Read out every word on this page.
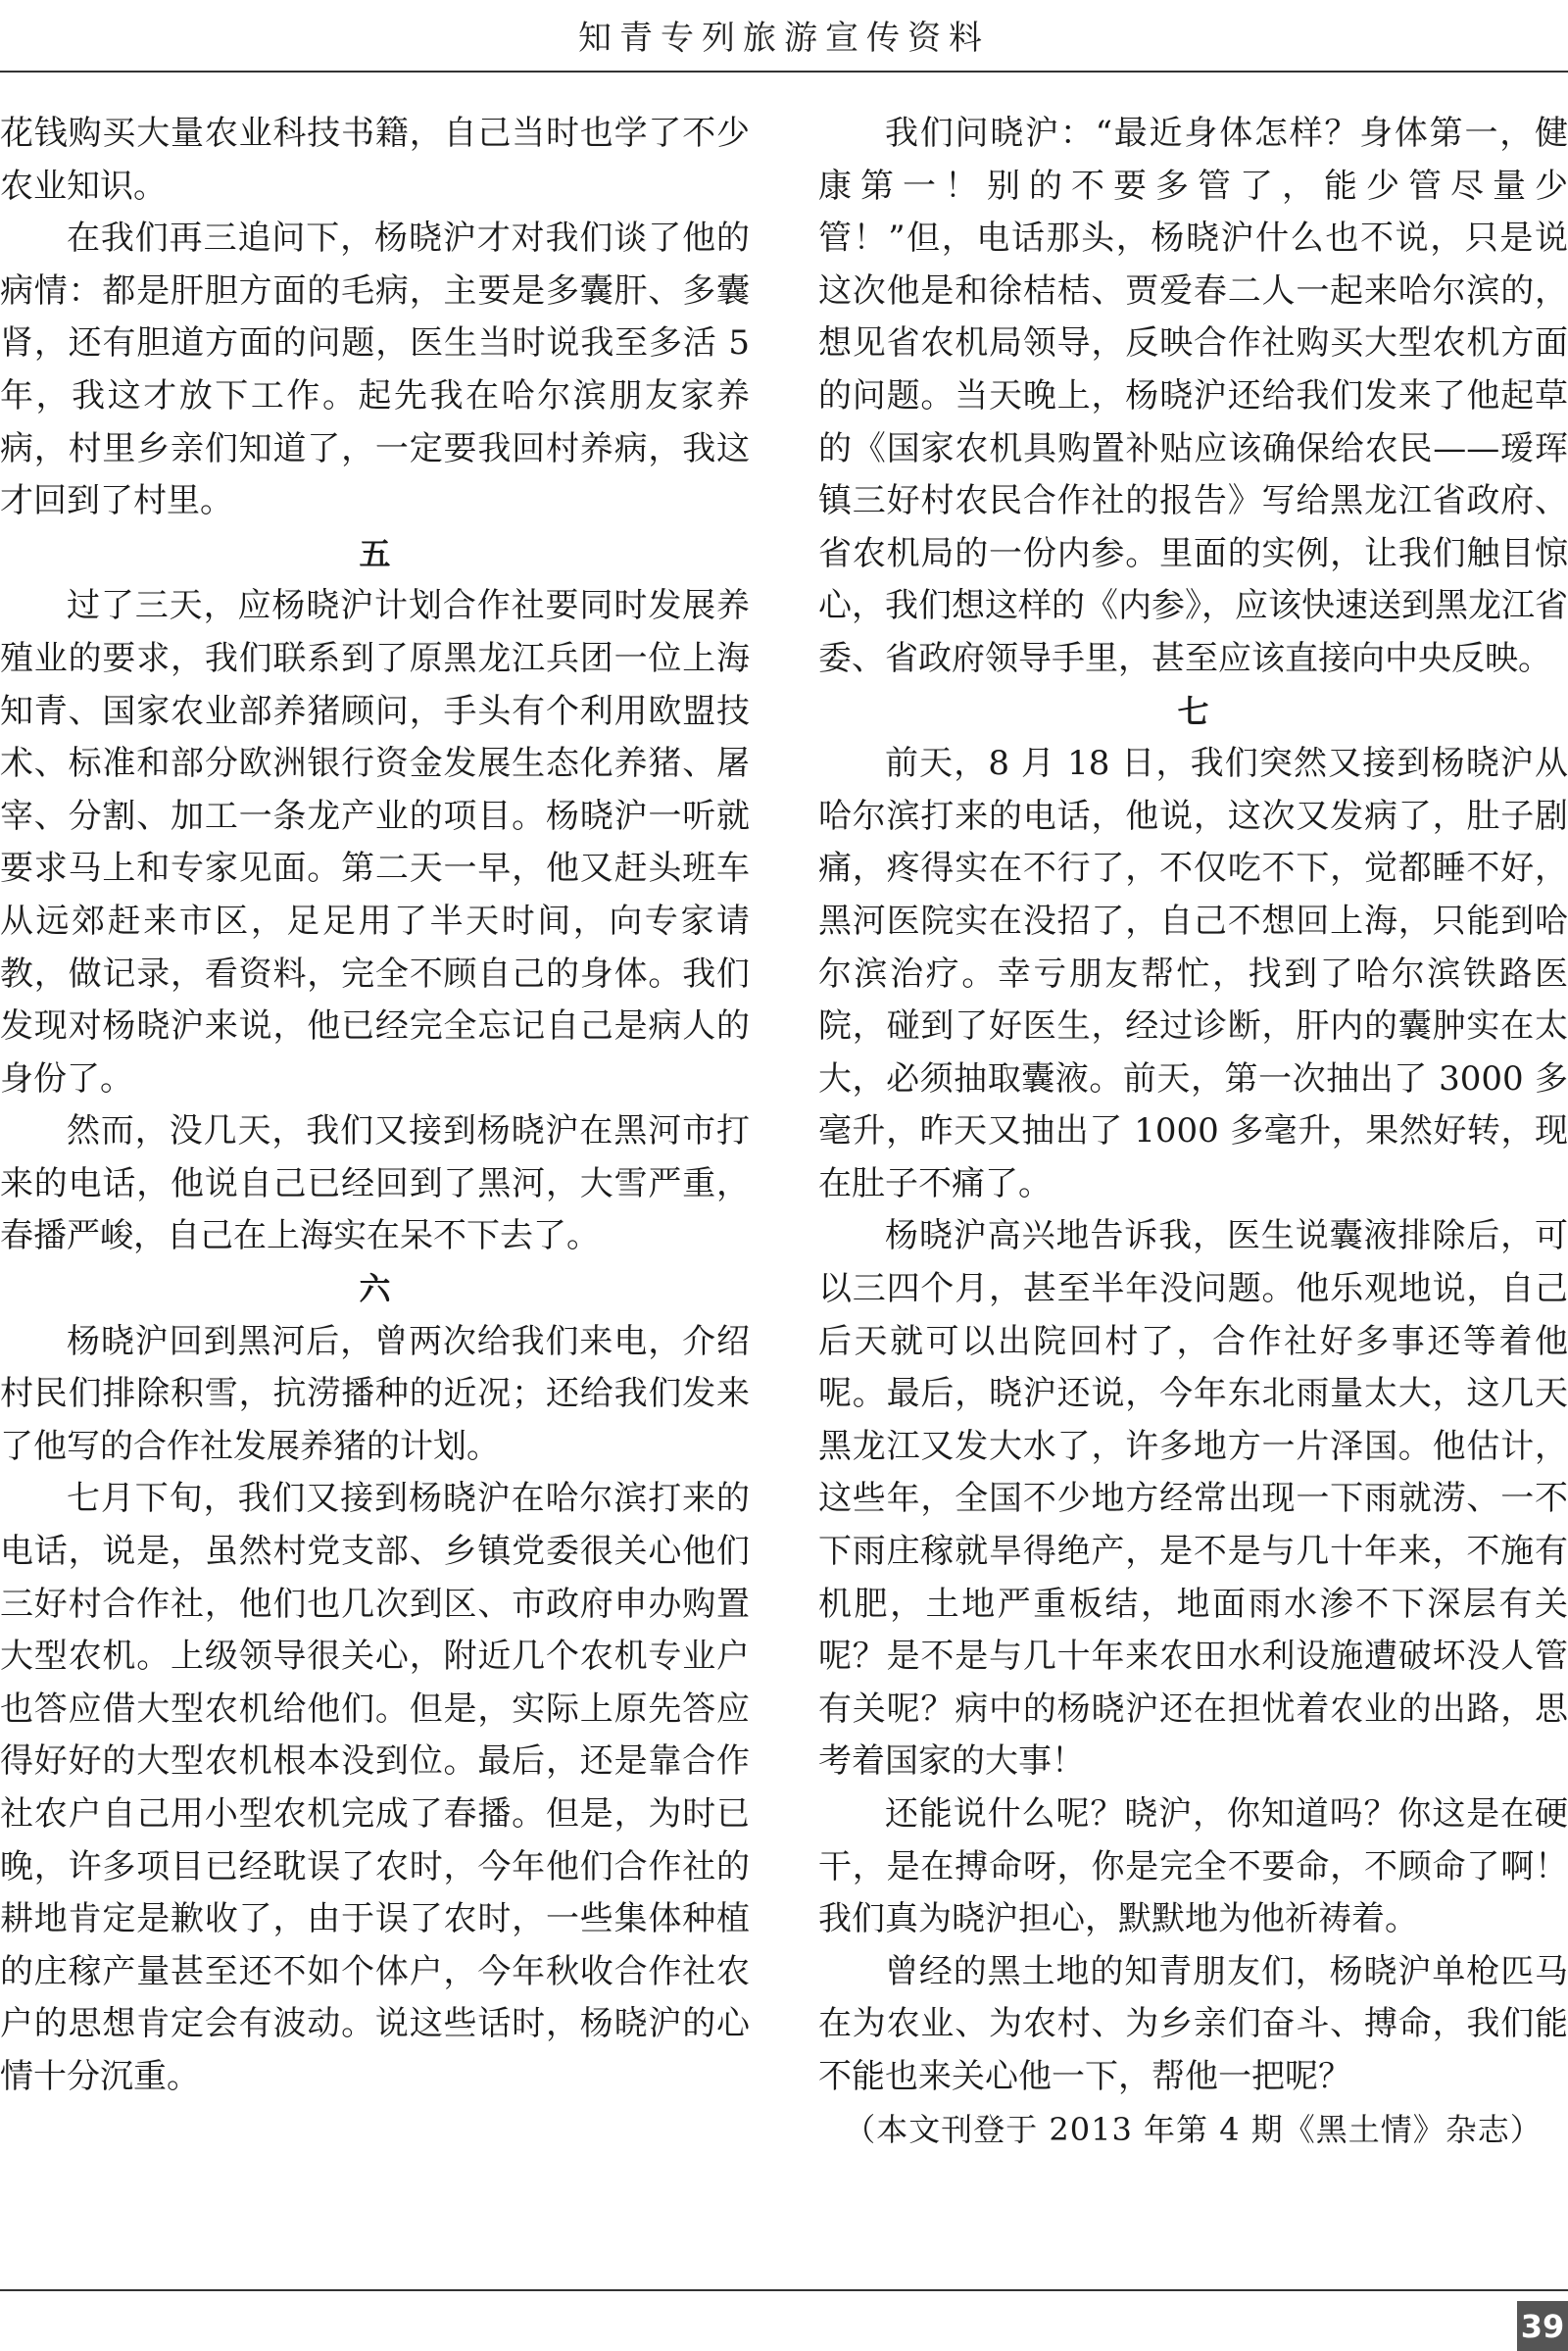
知青专列旅游宣传资料

花钱购买大量农业科技书籍，自己当时也学了不少农业知识。

在我们再三追问下，杨晓沪才对我们谈了他的病情：都是肝胆方面的毛病，主要是多囊肝、多囊肾，还有胆道方面的问题，医生当时说我至多活 5 年，我这才放下工作。起先我在哈尔滨朋友家养病，村里乡亲们知道了，一定要我回村养病，我这才回到了村里。

五

过了三天，应杨晓沪计划合作社要同时发展养殖业的要求，我们联系到了原黑龙江兵团一位上海知青、国家农业部养猪顾问，手头有个利用欧盟技术、标准和部分欧洲银行资金发展生态化养猪、屠宰、分割、加工一条龙产业的项目。杨晓沪一听就要求马上和专家见面。第二天一早，他又赶头班车从远郊赶来市区，足足用了半天时间，向专家请教，做记录，看资料，完全不顾自己的身体。我们发现对杨晓沪来说，他已经完全忘记自己是病人的身份了。

然而，没几天，我们又接到杨晓沪在黑河市打来的电话，他说自己已经回到了黑河，大雪严重，春播严峻，自己在上海实在呆不下去了。

六

杨晓沪回到黑河后，曾两次给我们来电，介绍村民们排除积雪，抗涝播种的近况；还给我们发来了他写的合作社发展养猪的计划。

七月下旬，我们又接到杨晓沪在哈尔滨打来的电话，说是，虽然村党支部、乡镇党委很关心他们三好村合作社，他们也几次到区、市政府申办购置大型农机。上级领导很关心，附近几个农机专业户也答应借大型农机给他们。但是，实际上原先答应得好好的大型农机根本没到位。最后，还是靠合作社农户自己用小型农机完成了春播。但是，为时已晚，许多项目已经耽误了农时，今年他们合作社的耕地肯定是歉收了，由于误了农时，一些集体种植的庄稼产量甚至还不如个体户，今年秋收合作社农户的思想肯定会有波动。说这些话时，杨晓沪的心情十分沉重。

我们问晓沪：“最近身体怎样？身体第一，健康第一！别的不要多管了，能少管尽量少管！”但，电话那头，杨晓沪什么也不说，只是说这次他是和徐桔桔、贾爱春二人一起来哈尔滨的，想见省农机局领导，反映合作社购买大型农机方面的问题。当天晚上，杨晓沪还给我们发来了他起草的《国家农机具购置补贴应该确保给农民——瑷珲镇三好村农民合作社的报告》写给黑龙江省政府、省农机局的一份内参。里面的实例，让我们触目惊心，我们想这样的《内参》，应该快速送到黑龙江省委、省政府领导手里，甚至应该直接向中央反映。

七

前天，8 月 18 日，我们突然又接到杨晓沪从哈尔滨打来的电话，他说，这次又发病了，肚子剧痛，疼得实在不行了，不仅吃不下，觉都睡不好，黑河医院实在没招了，自己不想回上海，只能到哈尔滨治疗。幸亏朋友帮忙，找到了哈尔滨铁路医院，碰到了好医生，经过诊断，肝内的囊肿实在太大，必须抽取囊液。前天，第一次抽出了 3000 多毫升，昨天又抽出了 1000 多毫升，果然好转，现在肚子不痛了。

杨晓沪高兴地告诉我，医生说囊液排除后，可以三四个月，甚至半年没问题。他乐观地说，自己后天就可以出院回村了，合作社好多事还等着他呢。最后，晓沪还说，今年东北雨量太大，这几天黑龙江又发大水了，许多地方一片泽国。他估计，这些年，全国不少地方经常出现一下雨就涝、一不下雨庄稼就旱得绝产，是不是与几十年来，不施有机肥，土地严重板结，地面雨水渗不下深层有关呢？是不是与几十年来农田水利设施遭破坏没人管有关呢？病中的杨晓沪还在担忧着农业的出路，思考着国家的大事！

还能说什么呢？晓沪，你知道吗？你这是在硬干，是在搏命呀，你是完全不要命，不顾命了啊！我们真为晓沪担心，默默地为他祈祷着。

曾经的黑土地的知青朋友们，杨晓沪单枪匹马在为农业、为农村、为乡亲们奋斗、搏命，我们能不能也来关心他一下，帮他一把呢？

（本文刊登于 2013 年第 4 期《黑土情》杂志）

39
